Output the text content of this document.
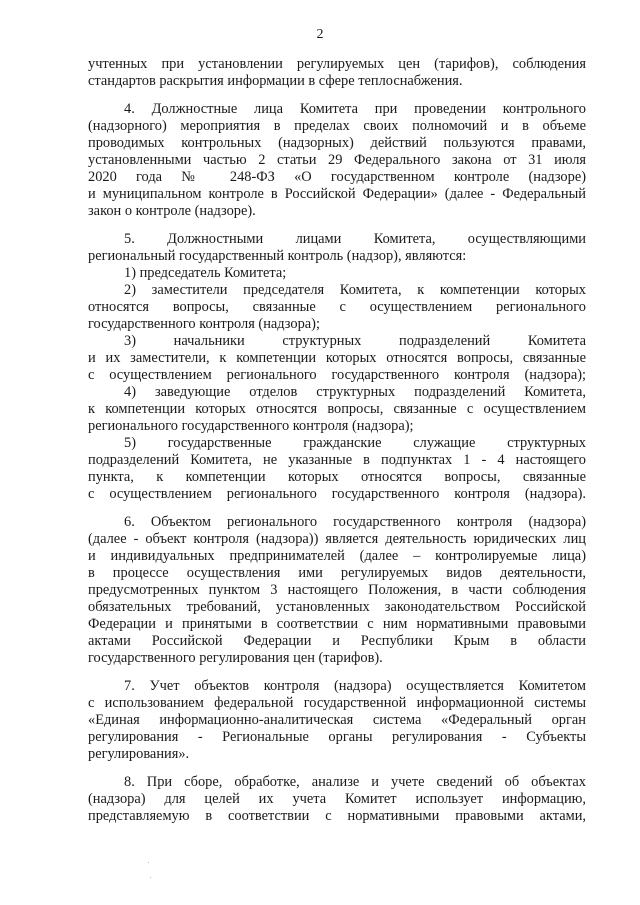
2
учтенных при установлении регулируемых цен (тарифов), соблюдения
стандартов раскрытия информации в сфере теплоснабжения.
4. Должностные лица Комитета при проведении контрольного
(надзорного) мероприятия в пределах своих полномочий и в объеме
проводимых контрольных (надзорных) действий пользуются правами,
установленными частью 2 статьи 29 Федерального закона от 31 июля
2020 года № 248-ФЗ «О государственном контроле (надзоре)
и муниципальном контроле в Российской Федерации» (далее - Федеральный
закон о контроле (надзоре).
5. Должностными лицами Комитета, осуществляющими
региональный государственный контроль (надзор), являются:
1) председатель Комитета;
2) заместители председателя Комитета, к компетенции которых
относятся вопросы, связанные с осуществлением регионального
государственного контроля (надзора);
3) начальники структурных подразделений Комитета
и их заместители, к компетенции которых относятся вопросы, связанные
с осуществлением регионального государственного контроля (надзора);
4) заведующие отделов структурных подразделений Комитета,
к компетенции которых относятся вопросы, связанные с осуществлением
регионального государственного контроля (надзора);
5) государственные гражданские служащие структурных
подразделений Комитета, не указанные в подпунктах 1 - 4 настоящего
пункта, к компетенции которых относятся вопросы, связанные
с осуществлением регионального государственного контроля (надзора).
6. Объектом регионального государственного контроля (надзора)
(далее - объект контроля (надзора)) является деятельность юридических лиц
и индивидуальных предпринимателей (далее – контролируемые лица)
в процессе осуществления ими регулируемых видов деятельности,
предусмотренных пунктом 3 настоящего Положения, в части соблюдения
обязательных требований, установленных законодательством Российской
Федерации и принятыми в соответствии с ним нормативными правовыми
актами Российской Федерации и Республики Крым в области
государственного регулирования цен (тарифов).
7. Учет объектов контроля (надзора) осуществляется Комитетом
с использованием федеральной государственной информационной системы
«Единая информационно-аналитическая система «Федеральный орган
регулирования - Региональные органы регулирования - Субъекты
регулирования».
8. При сборе, обработке, анализе и учете сведений об объектах
(надзора) для целей их учета Комитет использует информацию,
представляемую в соответствии с нормативными правовыми актами,
